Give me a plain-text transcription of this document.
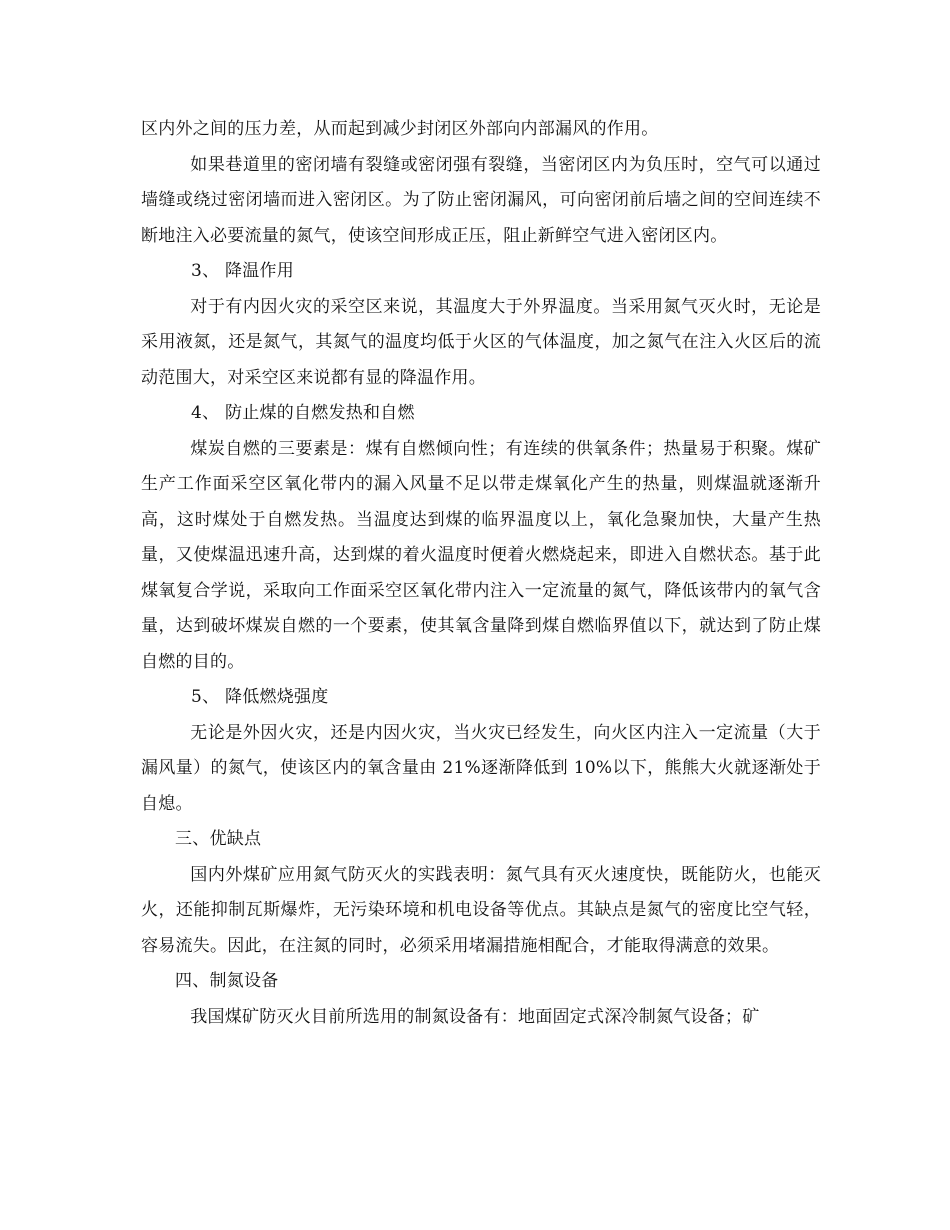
区内外之间的压力差，从而起到减少封闭区外部向内部漏风的作用。

如果巷道里的密闭墙有裂缝或密闭强有裂缝，当密闭区内为负压时，空气可以通过墙缝或绕过密闭墙而进入密闭区。为了防止密闭漏风，可向密闭前后墙之间的空间连续不断地注入必要流量的氮气，使该空间形成正压，阻止新鲜空气进入密闭区内。

3、 降温作用

对于有内因火灾的采空区来说，其温度大于外界温度。当采用氮气灭火时，无论是采用液氮，还是氮气，其氮气的温度均低于火区的气体温度，加之氮气在注入火区后的流动范围大，对采空区来说都有显的降温作用。

4、 防止煤的自燃发热和自燃

煤炭自燃的三要素是：煤有自燃倾向性；有连续的供氧条件；热量易于积聚。煤矿生产工作面采空区氧化带内的漏入风量不足以带走煤氧化产生的热量，则煤温就逐渐升高，这时煤处于自燃发热。当温度达到煤的临界温度以上，氧化急聚加快，大量产生热量，又使煤温迅速升高，达到煤的着火温度时便着火燃烧起来，即进入自燃状态。基于此煤氧复合学说，采取向工作面采空区氧化带内注入一定流量的氮气，降低该带内的氧气含量，达到破坏煤炭自燃的一个要素，使其氧含量降到煤自燃临界值以下，就达到了防止煤自燃的目的。

5、 降低燃烧强度

无论是外因火灾，还是内因火灾，当火灾已经发生，向火区内注入一定流量（大于漏风量）的氮气，使该区内的氧含量由 21%逐渐降低到 10%以下，熊熊大火就逐渐处于自熄。

三、优缺点

国内外煤矿应用氮气防灭火的实践表明：氮气具有灭火速度快，既能防火，也能灭火，还能抑制瓦斯爆炸，无污染环境和机电设备等优点。其缺点是氮气的密度比空气轻，容易流失。因此，在注氮的同时，必须采用堵漏措施相配合，才能取得满意的效果。

四、制氮设备

我国煤矿防灭火目前所选用的制氮设备有：地面固定式深冷制氮气设备；矿
